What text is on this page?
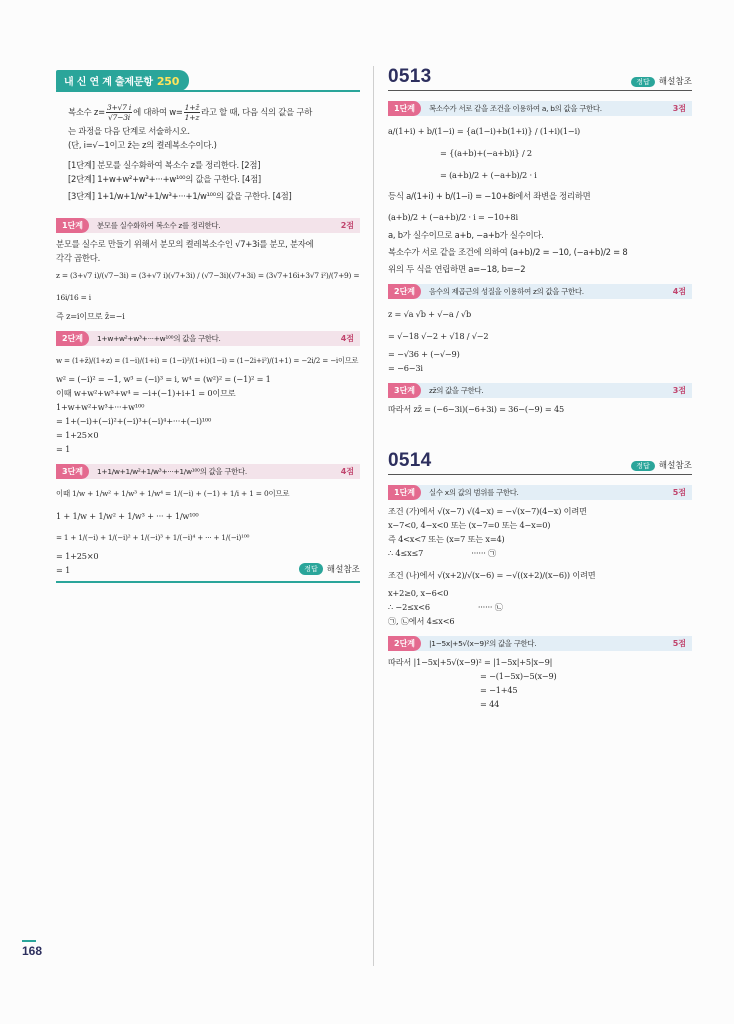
내 신 연 계 출제문항 250
복소수 $z= \frac{3+√7 i}{√7-3i}$ 에 대하여 $w= \frac{1+z̄}{1+z}$ 라고 할 때, 다음 식의 값을 구하
는 과정을 다음 단계로 서술하시오.
(단, i=√−1이고 z̄는 z의 켤레복소수이다.)
[1단계] 분모를 실수화하여 복소수 z를 정리한다. [2점]
[2단계] 1+w+w²+w³+···+w¹⁰⁰의 값을 구한다. [4점]
[3단계] 1+1/w+1/w²+1/w³+···+1/w¹⁰⁰의 값을 구한다. [4점]
1단계	분모를 실수화하여 복소수 z를 정리한다.	2점
분모를 실수로 만들기 위해서 분모의 켤레복소수인 √7+3i를 분모, 분자에
각각 곱한다.
z = (3+√7 i)/(√7−3i) = (3+√7 i)(√7+3i) / (√7−3i)(√7+3i) = (3√7+16i+3√7 i²)/(7+9) = 16i/16 = i
즉 z=i이므로 z̄=−i
2단계	1+w+w²+w³+···+w¹⁰⁰의 값을 구한다.	4점
w = (1+z̄)/(1+z) = (1−i)/(1+i) = (1−i)²/(1+i)(1−i) = (1−2i+i²)/(1+1) = −2i/2 = −i이므로
w² = (−i)² = −1, w³ = (−i)³ = i, w⁴ = (w²)² = (−1)² = 1
이때 w+w²+w³+w⁴ = −i+(−1)+i+1 = 0이므로
1+w+w²+w³+···+w¹⁰⁰
= 1+(−i)+(−i)²+(−i)³+(−i)⁴+···+(−i)¹⁰⁰
= 1+25×0
= 1
3단계	1+1/w+1/w²+1/w³+···+1/w¹⁰⁰의 값을 구한다.	4점
이때 1/w + 1/w² + 1/w³ + 1/w⁴ = 1/(−i) + (−1) + 1/i + 1 = 0이므로
1 + 1/w + 1/w² + 1/w³ + ··· + 1/w¹⁰⁰
= 1 + 1/(−i) + 1/(−i)² + 1/(−i)³ + 1/(−i)⁴ + ··· + 1/(−i)¹⁰⁰
= 1+25×0
= 1	정답	해설참조
0513	정답 해설참조
1단계	복소수가 서로 같을 조건을 이용하여 a, b의 값을 구한다.	3점
a/(1+i) + b/(1−i) = {a(1−i)+b(1+i)} / (1+i)(1−i)
= {(a+b)+(−a+b)i} / 2
= (a+b)/2 + (−a+b)/2 · i
등식 a/(1+i) + b/(1−i) = −10+8i에서 좌변을 정리하면
(a+b)/2 + (−a+b)/2 · i = −10+8i
a, b가 실수이므로 a+b, −a+b가 실수이다.
복소수가 서로 같을 조건에 의하여 (a+b)/2 = −10, (−a+b)/2 = 8
위의 두 식을 연립하면 a=−18, b=−2
2단계	음수의 제곱근의 성질을 이용하여 z의 값을 구한다.	4점
z = √a √b + √−a / √b
= √−18 √−2 + √18 / √−2
= −√36 + (−√−9)
= −6−3i
3단계	zz̄의 값을 구한다.	3점
따라서 zz̄ = (−6−3i)(−6+3i) = 36−(−9) = 45
0514	정답 해설참조
1단계	실수 x의 값의 범위를 구한다.	5점
조건 (가)에서 √(x−7) √(4−x) = −√(x−7)(4−x) 이려면
x−7<0, 4−x<0 또는 (x−7=0 또는 4−x=0)
즉 4<x<7 또는 (x=7 또는 x=4)
∴ 4≤x≤7                    ······ ㉠
조건 (나)에서 √(x+2)/√(x−6) = −√((x+2)/(x−6)) 이려면
x+2≥0, x−6<0
∴ −2≤x<6                    ······ ㉡
㉠, ㉡에서 4≤x<6
2단계	|1−5x|+5√(x−9)²의 값을 구한다.	5점
따라서 |1−5x|+5√(x−9)² = |1−5x|+5|x−9|
= −(1−5x)−5(x−9)
= −1+45
= 44
168
